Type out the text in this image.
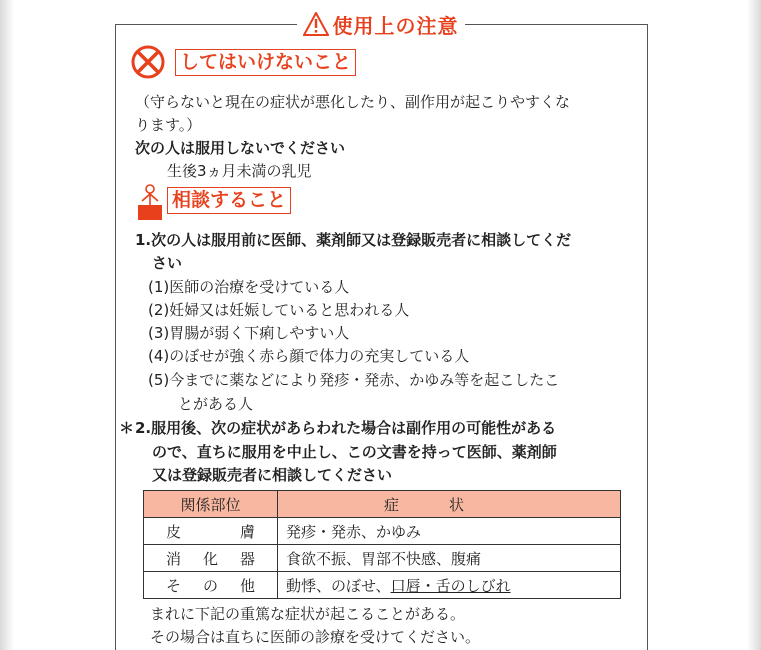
使用上の注意
してはいけないこと
（守らないと現在の症状が悪化したり、副作用が起こりやすくな
ります。）
次の人は服用しないでください
生後3ヵ月未満の乳児
相談すること
1.次の人は服用前に医師、薬剤師又は登録販売者に相談してくだ
さい
(1)医師の治療を受けている人
(2)妊婦又は妊娠していると思われる人
(3)胃腸が弱く下痢しやすい人
(4)のぼせが強く赤ら顔で体力の充実している人
(5)今までに薬などにより発疹・発赤、かゆみ等を起こしたこ
とがある人
＊ 2.服用後、次の症状があらわれた場合は副作用の可能性がある
ので、直ちに服用を中止し、この文書を持って医師、薬剤師
又は登録販売者に相談してください
関係部位	症状
皮膚	発疹・発赤、かゆみ
消化器	食欲不振、胃部不快感、腹痛
その他	動悸、のぼせ、口唇・舌のしびれ
まれに下記の重篤な症状が起こることがある。
その場合は直ちに医師の診療を受けてください。
